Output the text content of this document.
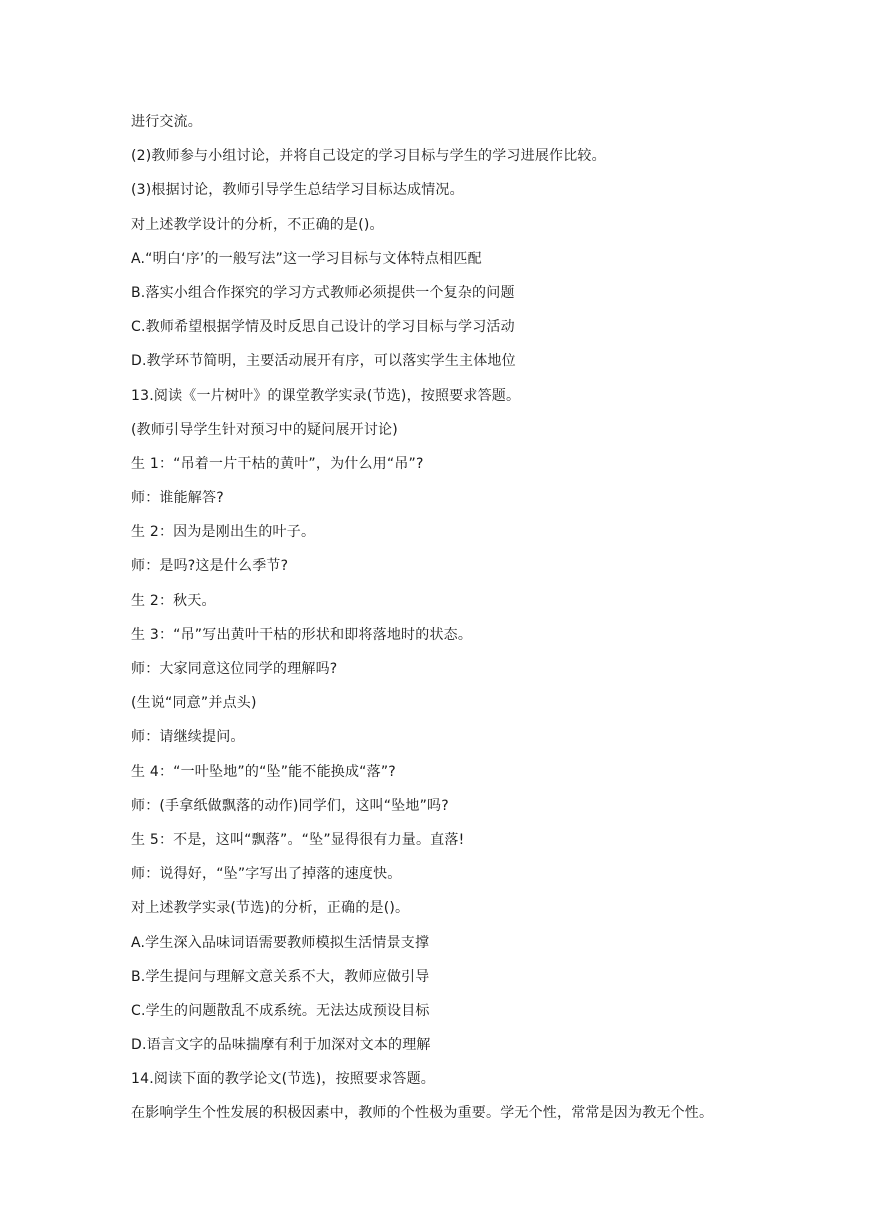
进行交流。
(2)教师参与小组讨论，并将自己设定的学习目标与学生的学习进展作比较。
(3)根据讨论，教师引导学生总结学习目标达成情况。
对上述教学设计的分析，不正确的是()。
A.“明白‘序’的一般写法”这一学习目标与文体特点相匹配
B.落实小组合作探究的学习方式教师必须提供一个复杂的问题
C.教师希望根据学情及时反思自己设计的学习目标与学习活动
D.教学环节简明，主要活动展开有序，可以落实学生主体地位
13.阅读《一片树叶》的课堂教学实录(节选)，按照要求答题。
(教师引导学生针对预习中的疑问展开讨论)
生 1：“吊着一片干枯的黄叶”，为什么用“吊”?
师：谁能解答?
生 2：因为是刚出生的叶子。
师：是吗?这是什么季节?
生 2：秋天。
生 3：“吊”写出黄叶干枯的形状和即将落地时的状态。
师：大家同意这位同学的理解吗?
(生说“同意”并点头)
师：请继续提问。
生 4：“一叶坠地”的“坠”能不能换成“落”?
师：(手拿纸做飘落的动作)同学们，这叫“坠地”吗?
生 5：不是，这叫“飘落”。“坠”显得很有力量。直落!
师：说得好，“坠”字写出了掉落的速度快。
对上述教学实录(节选)的分析，正确的是()。
A.学生深入品味词语需要教师模拟生活情景支撑
B.学生提问与理解文意关系不大，教师应做引导
C.学生的问题散乱不成系统。无法达成预设目标
D.语言文字的品味揣摩有利于加深对文本的理解
14.阅读下面的教学论文(节选)，按照要求答题。
在影响学生个性发展的积极因素中，教师的个性极为重要。学无个性，常常是因为教无个性。
